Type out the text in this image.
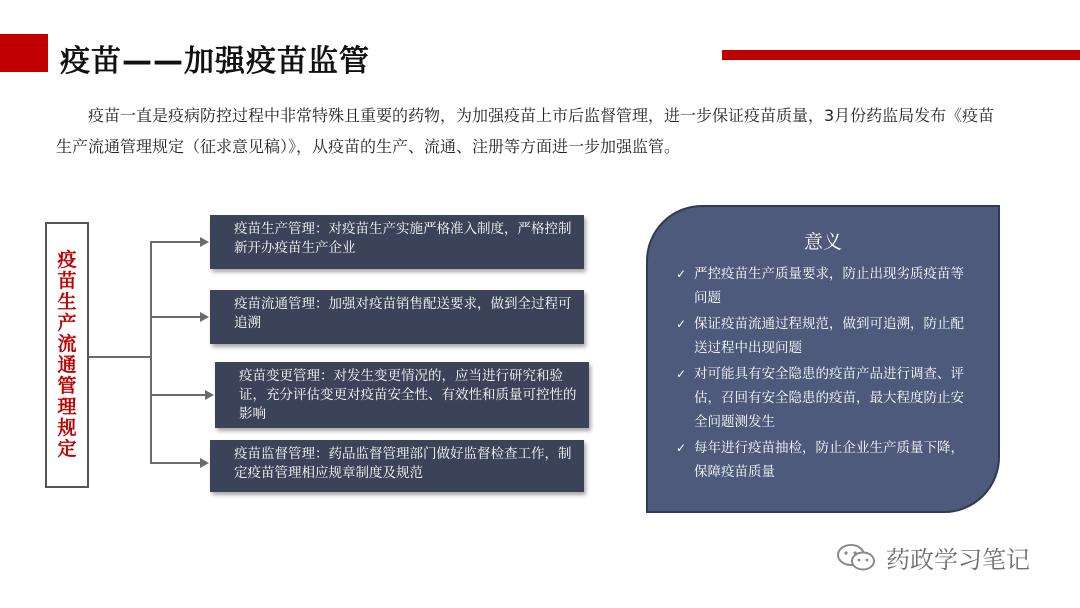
疫苗——加强疫苗监管
疫苗一直是疫病防控过程中非常特殊且重要的药物，为加强疫苗上市后监督管理，进一步保证疫苗质量，3月份药监局发布《疫苗生产流通管理规定（征求意见稿）》，从疫苗的生产、流通、注册等方面进一步加强监管。
疫苗生产流通管理规定
疫苗生产管理：对疫苗生产实施严格准入制度，严格控制新开办疫苗生产企业
疫苗流通管理：加强对疫苗销售配送要求，做到全过程可追溯
疫苗变更管理：对发生变更情况的，应当进行研究和验证，充分评估变更对疫苗安全性、有效性和质量可控性的影响
疫苗监督管理：药品监督管理部门做好监督检查工作，制定疫苗管理相应规章制度及规范
意义
✓ 严控疫苗生产质量要求，防止出现劣质疫苗等问题
✓ 保证疫苗流通过程规范，做到可追溯，防止配送过程中出现问题
✓ 对可能具有安全隐患的疫苗产品进行调查、评估，召回有安全隐患的疫苗，最大程度防止安全问题测发生
✓ 每年进行疫苗抽检，防止企业生产质量下降，保障疫苗质量
药政学习笔记
